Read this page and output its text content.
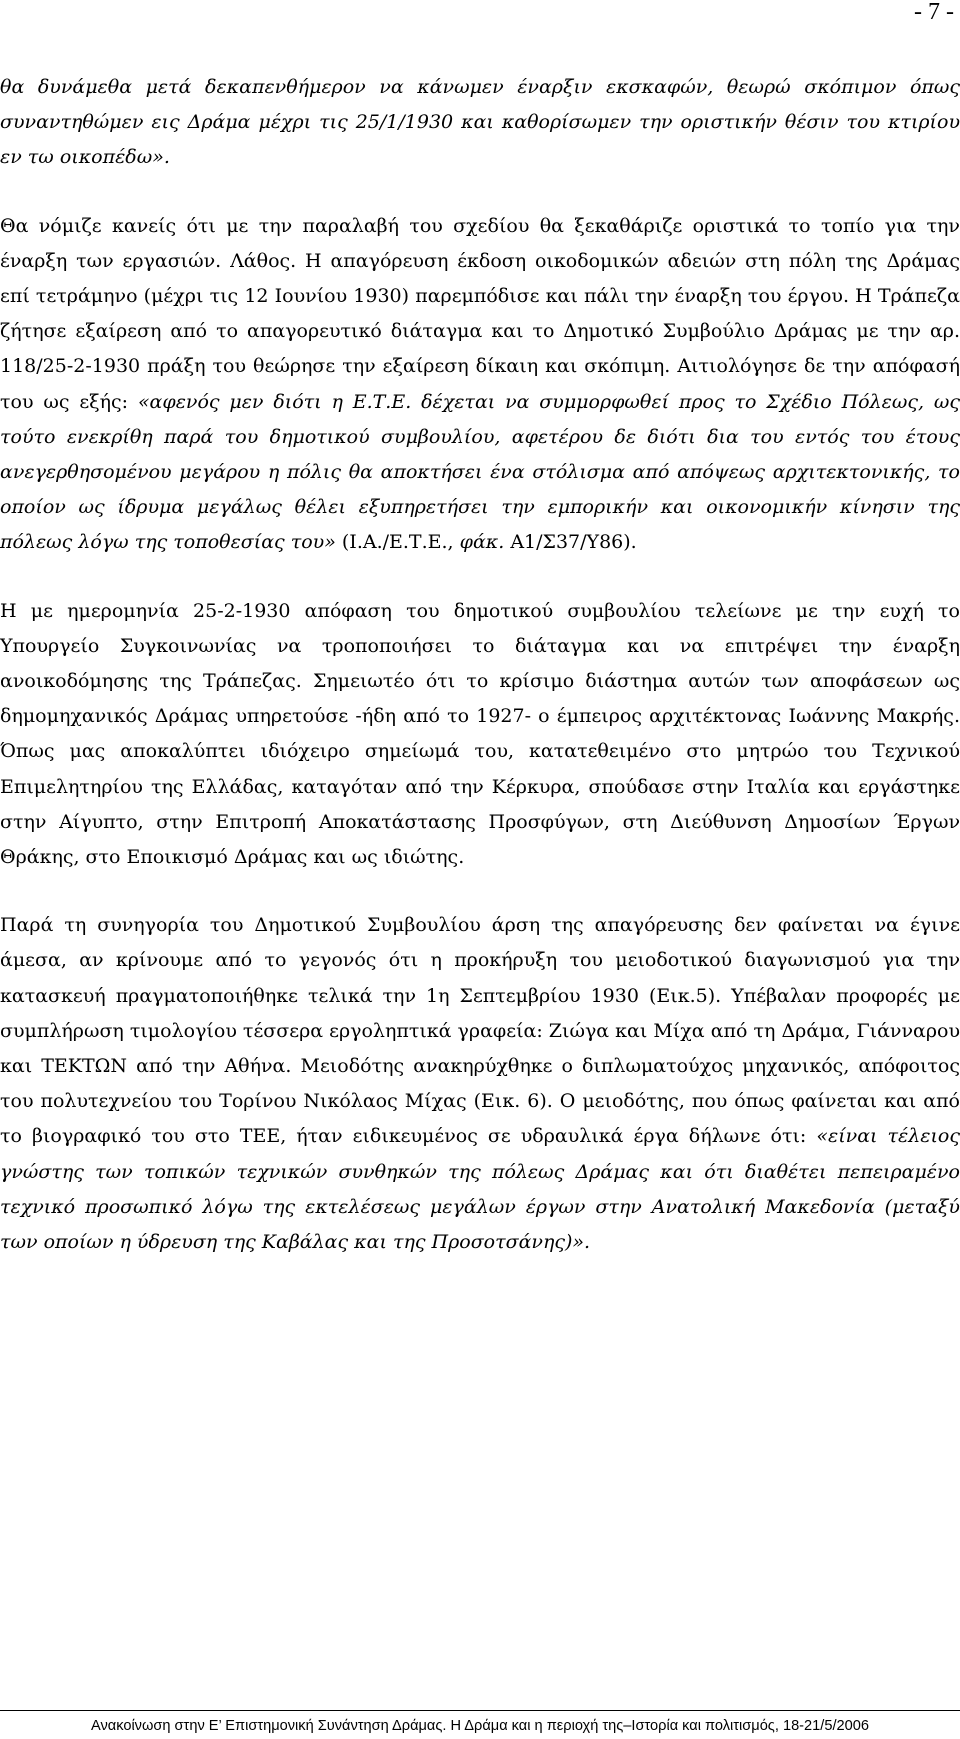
- 7 -

θα δυνάμεθα μετά δεκαπενθήμερον να κάνωμεν έναρξιν εκσκαφών, θεωρώ σκόπιμον όπως συναντηθώμεν εις Δράμα μέχρι τις 25/1/1930 και καθορίσωμεν την οριστικήν θέσιν του κτιρίου εν τω οικοπέδω».

Θα νόμιζε κανείς ότι με την παραλαβή του σχεδίου θα ξεκαθάριζε οριστικά το τοπίο για την έναρξη των εργασιών. Λάθος. Η απαγόρευση έκδοση οικοδομικών αδειών στη πόλη της Δράμας επί τετράμηνο (μέχρι τις 12 Ιουνίου 1930) παρεμπόδισε και πάλι την έναρξη του έργου. Η Τράπεζα ζήτησε εξαίρεση από το απαγορευτικό διάταγμα και το Δημοτικό Συμβούλιο Δράμας με την αρ. 118/25-2-1930 πράξη του θεώρησε την εξαίρεση δίκαιη και σκόπιμη. Αιτιολόγησε δε την απόφασή του ως εξής: «αφενός μεν διότι η Ε.Τ.Ε. δέχεται να συμμορφωθεί προς το Σχέδιο Πόλεως, ως τούτο ενεκρίθη παρά του δημοτικού συμβουλίου, αφετέρου δε διότι δια του εντός του έτους ανεγερθησομένου μεγάρου η πόλις θα αποκτήσει ένα στόλισμα από απόψεως αρχιτεκτονικής, το οποίον ως ίδρυμα μεγάλως θέλει εξυπηρετήσει την εμπορικήν και οικονομικήν κίνησιν της πόλεως λόγω της τοποθεσίας του» (Ι.Α./Ε.Τ.Ε., φάκ. Α1/Σ37/Υ86).

Η με ημερομηνία 25-2-1930 απόφαση του δημοτικού συμβουλίου τελείωνε με την ευχή το Υπουργείο Συγκοινωνίας να τροποποιήσει το διάταγμα και να επιτρέψει την έναρξη ανοικοδόμησης της Τράπεζας. Σημειωτέο ότι το κρίσιμο διάστημα αυτών των αποφάσεων ως δημομηχανικός Δράμας υπηρετούσε -ήδη από το 1927- ο έμπειρος αρχιτέκτονας Ιωάννης Μακρής. Όπως μας αποκαλύπτει ιδιόχειρο σημείωμά του, κατατεθειμένο στο μητρώο του Τεχνικού Επιμελητηρίου της Ελλάδας, καταγόταν από την Κέρκυρα, σπούδασε στην Ιταλία και εργάστηκε στην Αίγυπτο, στην Επιτροπή Αποκατάστασης Προσφύγων, στη Διεύθυνση Δημοσίων Έργων Θράκης, στο Εποικισμό Δράμας και ως ιδιώτης.

Παρά τη συνηγορία του Δημοτικού Συμβουλίου άρση της απαγόρευσης δεν φαίνεται να έγινε άμεσα, αν κρίνουμε από το γεγονός ότι η προκήρυξη του μειοδοτικού διαγωνισμού για την κατασκευή πραγματοποιήθηκε τελικά την 1η Σεπτεμβρίου 1930 (Εικ.5). Υπέβαλαν προφορές με συμπλήρωση τιμολογίου τέσσερα εργοληπτικά γραφεία: Ζιώγα και Μίχα από τη Δράμα, Γιάνναρου και ΤΕΚΤΩΝ από την Αθήνα. Μειοδότης ανακηρύχθηκε ο διπλωματούχος μηχανικός, απόφοιτος του πολυτεχνείου του Τορίνου Νικόλαος Μίχας (Εικ. 6). Ο μειοδότης, που όπως φαίνεται και από το βιογραφικό του στο ΤΕΕ, ήταν ειδικευμένος σε υδραυλικά έργα δήλωνε ότι: «είναι τέλειος γνώστης των τοπικών τεχνικών συνθηκών της πόλεως Δράμας και ότι διαθέτει πεπειραμένο τεχνικό προσωπικό λόγω της εκτελέσεως μεγάλων έργων στην Ανατολική Μακεδονία (μεταξύ των οποίων η ύδρευση της Καβάλας και της Προσοτσάνης)».

Ανακοίνωση στην Ε’ Επιστημονική Συνάντηση Δράμας. Η Δράμα και η περιοχή της–Ιστορία και πολιτισμός, 18-21/5/2006
